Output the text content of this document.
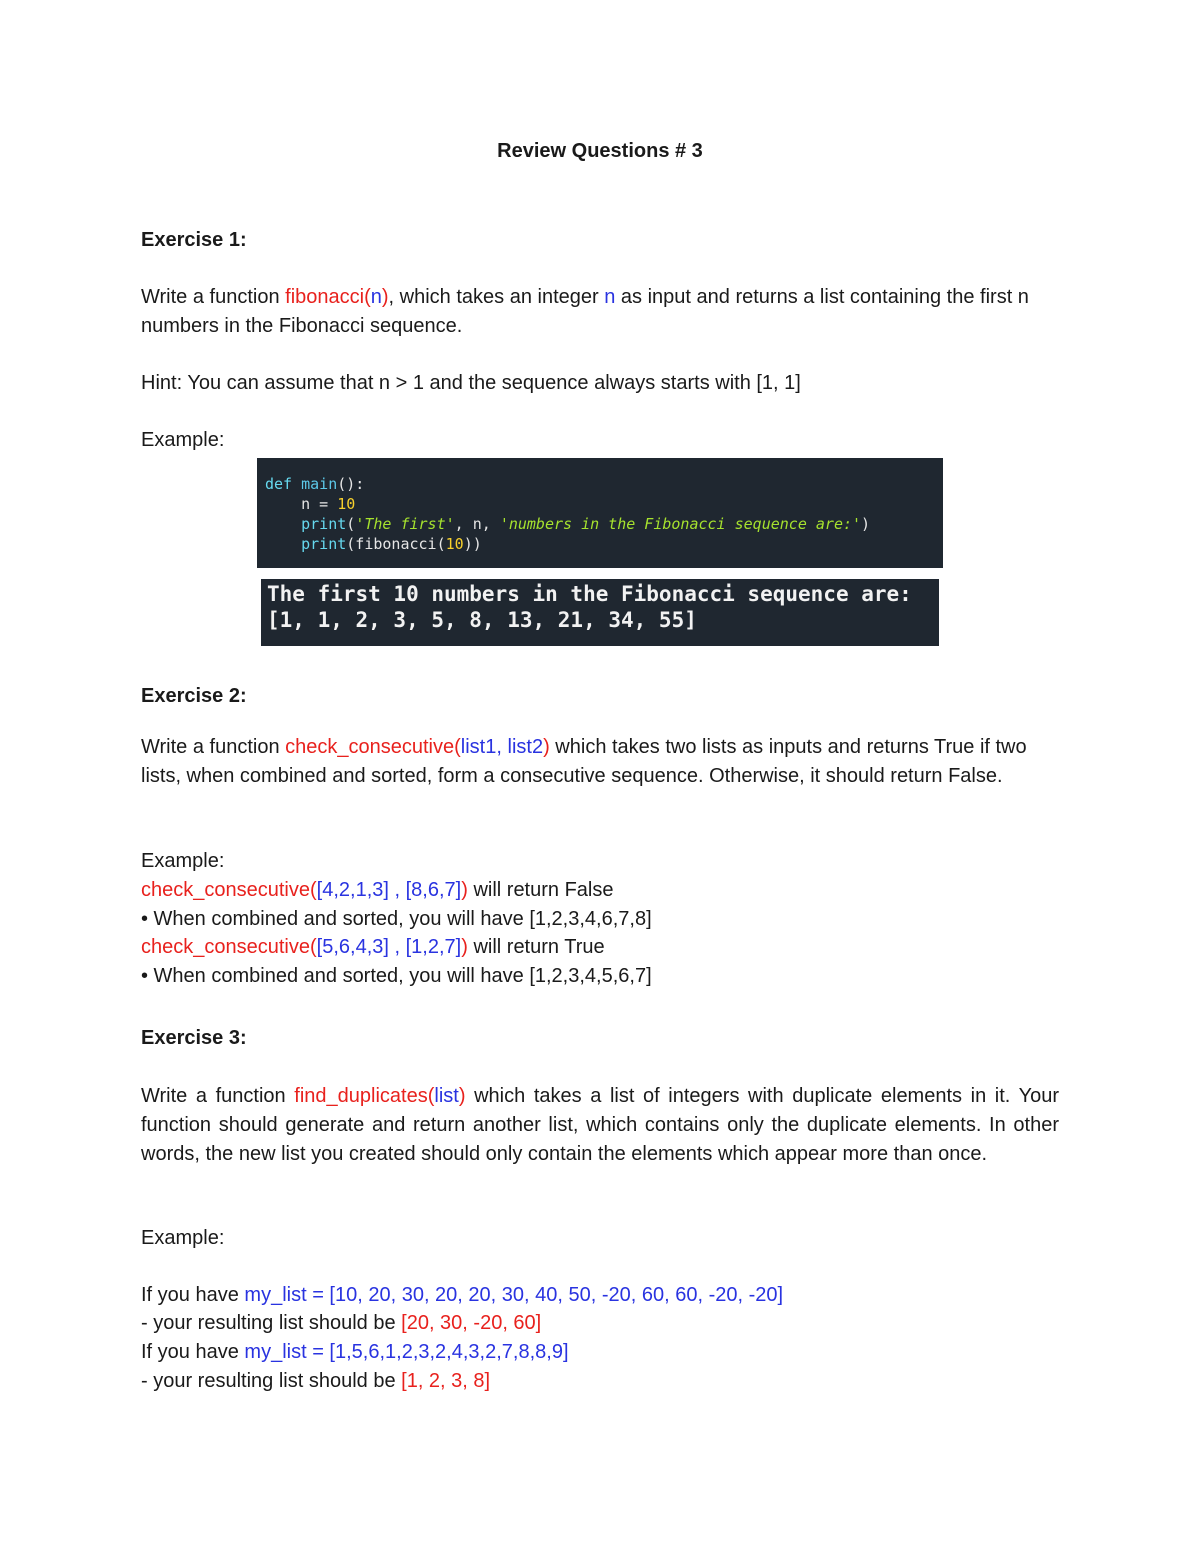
Review Questions # 3
Exercise 1:

Write a function fibonacci(n), which takes an integer n as input and returns a list containing the first n numbers in the Fibonacci sequence.

Hint: You can assume that n > 1 and the sequence always starts with [1, 1]
Example:
def main():
n = 10
print('The first', n, 'numbers in the Fibonacci sequence are:')
print(fibonacci(10))
The first 10 numbers in the Fibonacci sequence are:
[1, 1, 2, 3, 5, 8, 13, 21, 34, 55]
Exercise 2:

Write a function check_consecutive(list1, list2) which takes two lists as inputs and returns True if two lists, when combined and sorted, form a consecutive sequence. Otherwise, it should return False.

Example:
check_consecutive([4,2,1,3] , [8,6,7]) will return False
• When combined and sorted, you will have [1,2,3,4,6,7,8]
check_consecutive([5,6,4,3] , [1,2,7]) will return True
• When combined and sorted, you will have [1,2,3,4,5,6,7]
Exercise 3:

Write a function find_duplicates(list) which takes a list of integers with duplicate elements in it. Your function should generate and return another list, which contains only the duplicate elements. In other words, the new list you created should only contain the elements which appear more than once.

Example:
If you have my_list = [10, 20, 30, 20, 20, 30, 40, 50, -20, 60, 60, -20, -20]
- your resulting list should be [20, 30, -20, 60]
If you have my_list = [1,5,6,1,2,3,2,4,3,2,7,8,8,9]
- your resulting list should be [1, 2, 3, 8]
